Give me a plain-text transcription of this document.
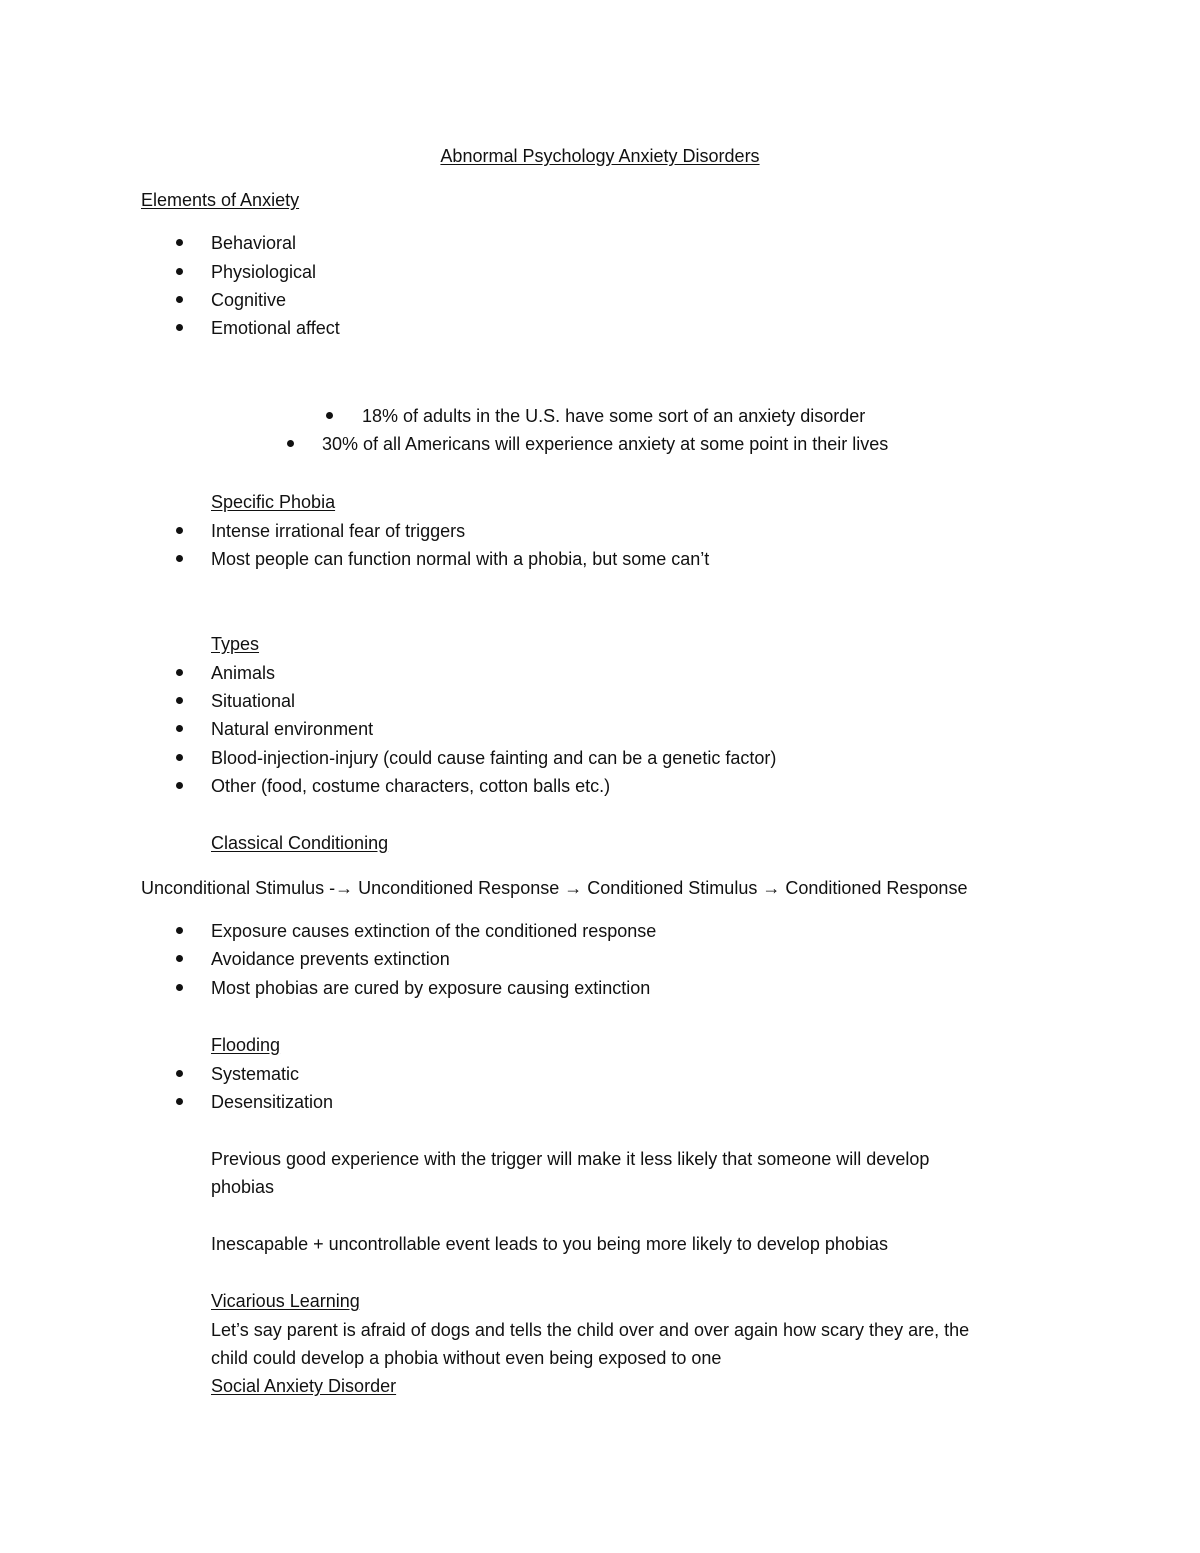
Abnormal Psychology Anxiety Disorders
Elements of Anxiety
Behavioral
Physiological
Cognitive
Emotional affect
18% of adults in the U.S. have some sort of an anxiety disorder
30% of all Americans will experience anxiety at some point in their lives
Specific Phobia
Intense irrational fear of triggers
Most people can function normal with a phobia, but some can’t
Types
Animals
Situational
Natural environment
Blood-injection-injury (could cause fainting and can be a genetic factor)
Other (food, costume characters, cotton balls etc.)
Classical Conditioning
Unconditional Stimulus -→ Unconditioned Response → Conditioned Stimulus → Conditioned Response
Exposure causes extinction of the conditioned response
Avoidance prevents extinction
Most phobias are cured by exposure causing extinction
Flooding
Systematic
Desensitization
Previous good experience with the trigger will make it less likely that someone will develop
phobias
Inescapable + uncontrollable event leads to you being more likely to develop phobias
Vicarious Learning
Let’s say parent is afraid of dogs and tells the child over and over again how scary they are, the
child could develop a phobia without even being exposed to one
Social Anxiety Disorder
